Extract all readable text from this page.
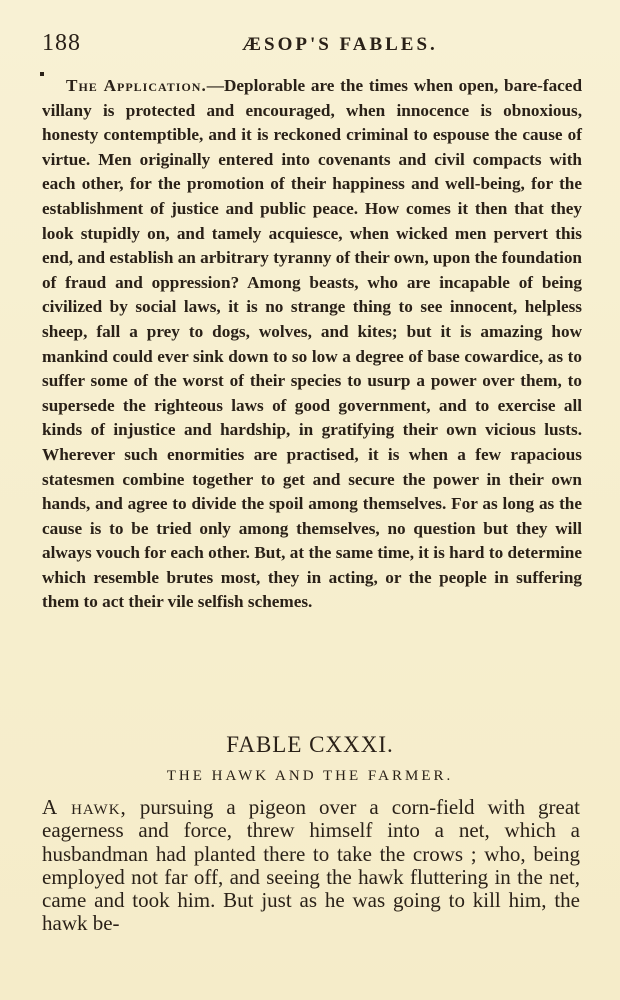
188	ÆSOP'S FABLES.

The Application.—Deplorable are the times when open, bare-faced villany is protected and encouraged, when innocence is obnoxious, honesty contemptible, and it is reckoned criminal to espouse the cause of virtue. Men originally entered into covenants and civil compacts with each other, for the promotion of their happiness and well-being, for the establishment of justice and public peace. How comes it then that they look stupidly on, and tamely acquiesce, when wicked men pervert this end, and establish an arbitrary tyranny of their own, upon the foundation of fraud and oppression? Among beasts, who are incapable of being civilized by social laws, it is no strange thing to see innocent, helpless sheep, fall a prey to dogs, wolves, and kites; but it is amazing how mankind could ever sink down to so low a degree of base cowardice, as to suffer some of the worst of their species to usurp a power over them, to supersede the righteous laws of good government, and to exercise all kinds of injustice and hardship, in gratifying their own vicious lusts. Wherever such enormities are practised, it is when a few rapacious statesmen combine together to get and secure the power in their own hands, and agree to divide the spoil among themselves. For as long as the cause is to be tried only among themselves, no question but they will always vouch for each other. But, at the same time, it is hard to determine which resemble brutes most, they in acting, or the people in suffering them to act their vile selfish schemes.

FABLE CXXXI.
THE HAWK AND THE FARMER.

A hawk, pursuing a pigeon over a corn-field with great eagerness and force, threw himself into a net, which a husbandman had planted there to take the crows ; who, being employed not far off, and seeing the hawk fluttering in the net, came and took him. But just as he was going to kill him, the hawk be-
